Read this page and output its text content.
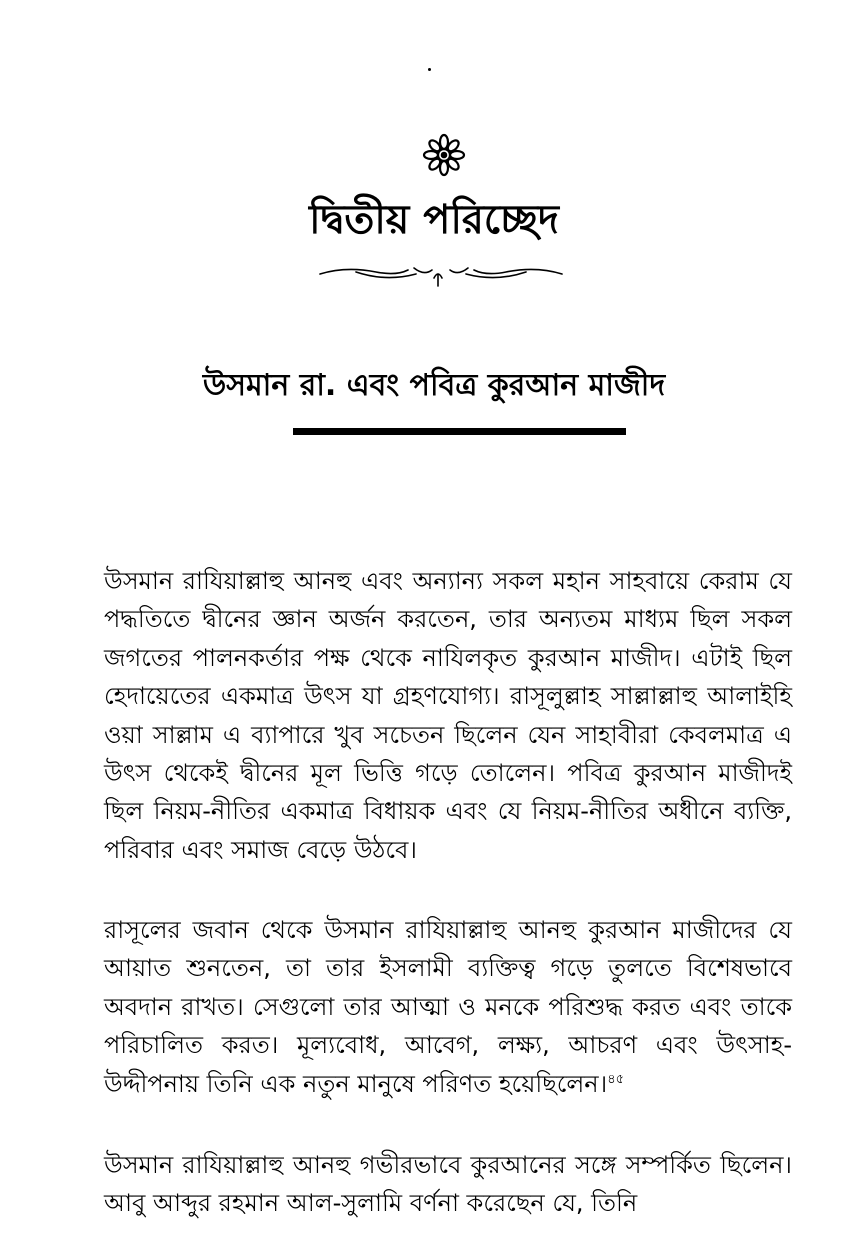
দ্বিতীয় পরিচ্ছেদ
উসমান রা. এবং পবিত্র কুরআন মাজীদ
উসমান রাযিয়াল্লাহু আনহু এবং অন্যান্য সকল মহান সাহবায়ে কেরাম যে পদ্ধতিতে দ্বীনের জ্ঞান অর্জন করতেন, তার অন্যতম মাধ্যম ছিল সকল জগতের পালনকর্তার পক্ষ থেকে নাযিলকৃত কুরআন মাজীদ। এটাই ছিল হেদায়েতের একমাত্র উৎস যা গ্রহণযোগ্য। রাসূলুল্লাহ সাল্লাল্লাহু আলাইহি ওয়া সাল্লাম এ ব্যাপারে খুব সচেতন ছিলেন যেন সাহাবীরা কেবলমাত্র এ উৎস থেকেই দ্বীনের মূল ভিত্তি গড়ে তোলেন। পবিত্র কুরআন মাজীদই ছিল নিয়ম-নীতির একমাত্র বিধায়ক এবং যে নিয়ম-নীতির অধীনে ব্যক্তি, পরিবার এবং সমাজ বেড়ে উঠবে।
রাসূলের জবান থেকে উসমান রাযিয়াল্লাহু আনহু কুরআন মাজীদের যে আয়াত শুনতেন, তা তার ইসলামী ব্যক্তিত্ব গড়ে তুলতে বিশেষভাবে অবদান রাখত। সেগুলো তার আত্মা ও মনকে পরিশুদ্ধ করত এবং তাকে পরিচালিত করত। মূল্যবোধ, আবেগ, লক্ষ্য, আচরণ এবং উৎসাহ-উদ্দীপনায় তিনি এক নতুন মানুষে পরিণত হয়েছিলেন।$^{৪৫}$
উসমান রাযিয়াল্লাহু আনহু গভীরভাবে কুরআনের সঙ্গে সম্পর্কিত ছিলেন। আবু আব্দুর রহমান আল-সুলামি বর্ণনা করেছেন যে, তিনি
